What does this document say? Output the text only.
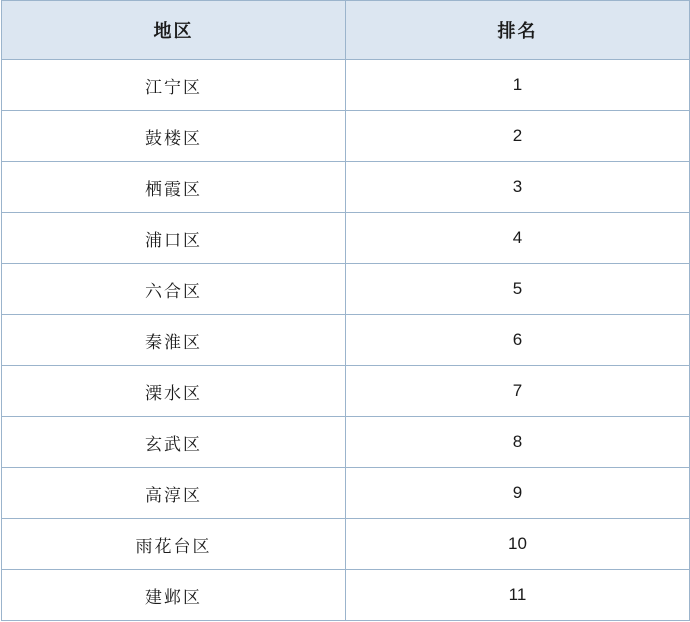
地区	排名
江宁区	1
鼓楼区	2
栖霞区	3
浦口区	4
六合区	5
秦淮区	6
溧水区	7
玄武区	8
高淳区	9
雨花台区	10
建邺区	11
